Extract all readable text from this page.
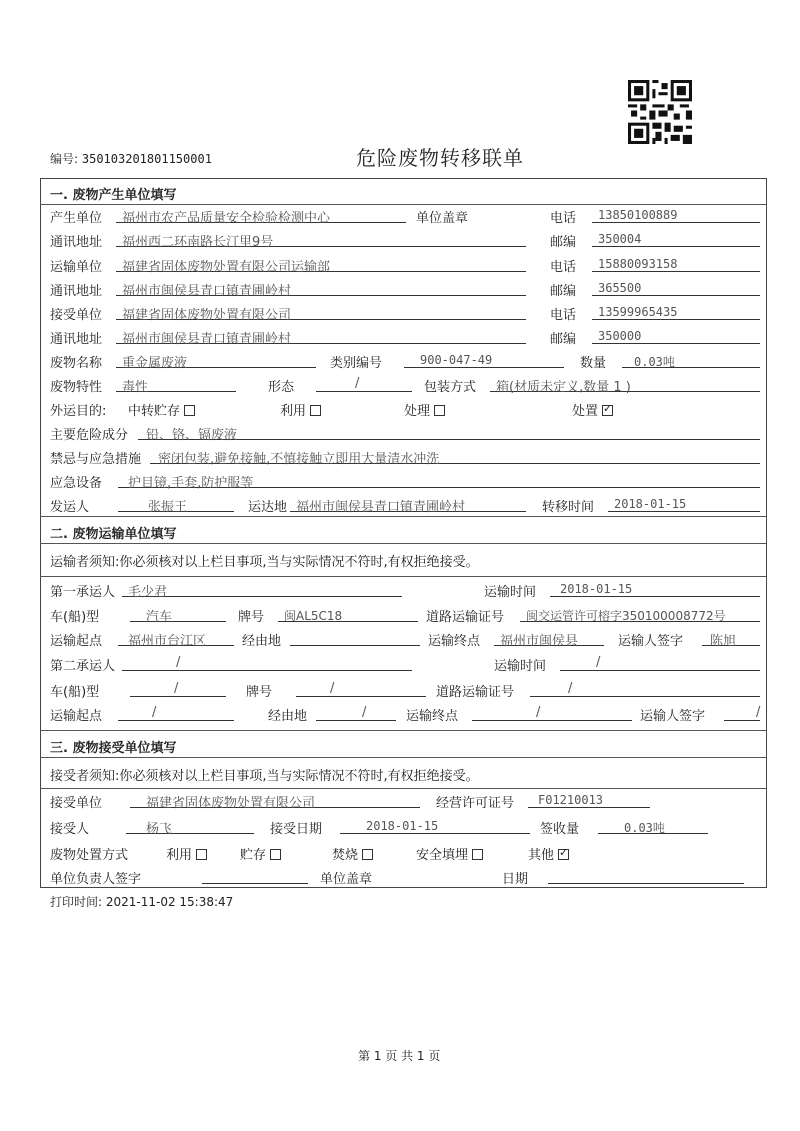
编号: 350103201801150001	危险废物转移联单
一. 废物产生单位填写
产生单位 福州市农产品质量安全检验检测中心	单位盖章	电话 13850100889
通讯地址 福州西二环南路长汀里9号	邮编 350004
运输单位 福建省固体废物处置有限公司运输部	电话 15880093158
通讯地址 福州市闽侯县青口镇青圃岭村	邮编 365500
接受单位 福建省固体废物处置有限公司	电话 13599965435
通讯地址 福州市闽侯县青口镇青圃岭村	邮编 350000
废物名称 重金属废液	类别编号	900-047-49	数量 0.03吨
废物特性 毒性	形态	/	包装方式 箱(材质未定义,数量 1 )
外运目的: 中转贮存	利用	处理	处置✓
主要危险成分 铅、铬、镉废液
禁忌与应急措施 密闭包装,避免接触,不慎接触立即用大量清水冲洗
应急设备 护目镜,手套,防护服等
发运人	张振王	运达地 福州市闽侯县青口镇青圃岭村	转移时间 2018-01-15
二. 废物运输单位填写
运输者须知:你必须核对以上栏目事项,当与实际情况不符时,有权拒绝接受。
第一承运人 毛少君	运输时间 2018-01-15
车(船)型	汽车	牌号 闽AL5C18	道路运输证号 闽交运管许可榕字350100008772号
运输起点 福州市台江区	经由地	运输终点 福州市闽侯县	运输人签字 陈旭
第二承运人	/	运输时间	/
车(船)型	/	牌号	/	道路运输证号	/
运输起点	/	经由地	/	运输终点	/	运输人签字	/
三. 废物接受单位填写
接受者须知:你必须核对以上栏目事项,当与实际情况不符时,有权拒绝接受。
接受单位	福建省固体废物处置有限公司	经营许可证号 F01210013
接受人	杨飞	接受日期	2018-01-15	签收量	0.03吨
废物处置方式	利用	贮存	焚烧	安全填埋	其他✓
单位负责人签字	单位盖章	日期
打印时间: 2021-11-02 15:38:47
第 1 页 共 1 页
